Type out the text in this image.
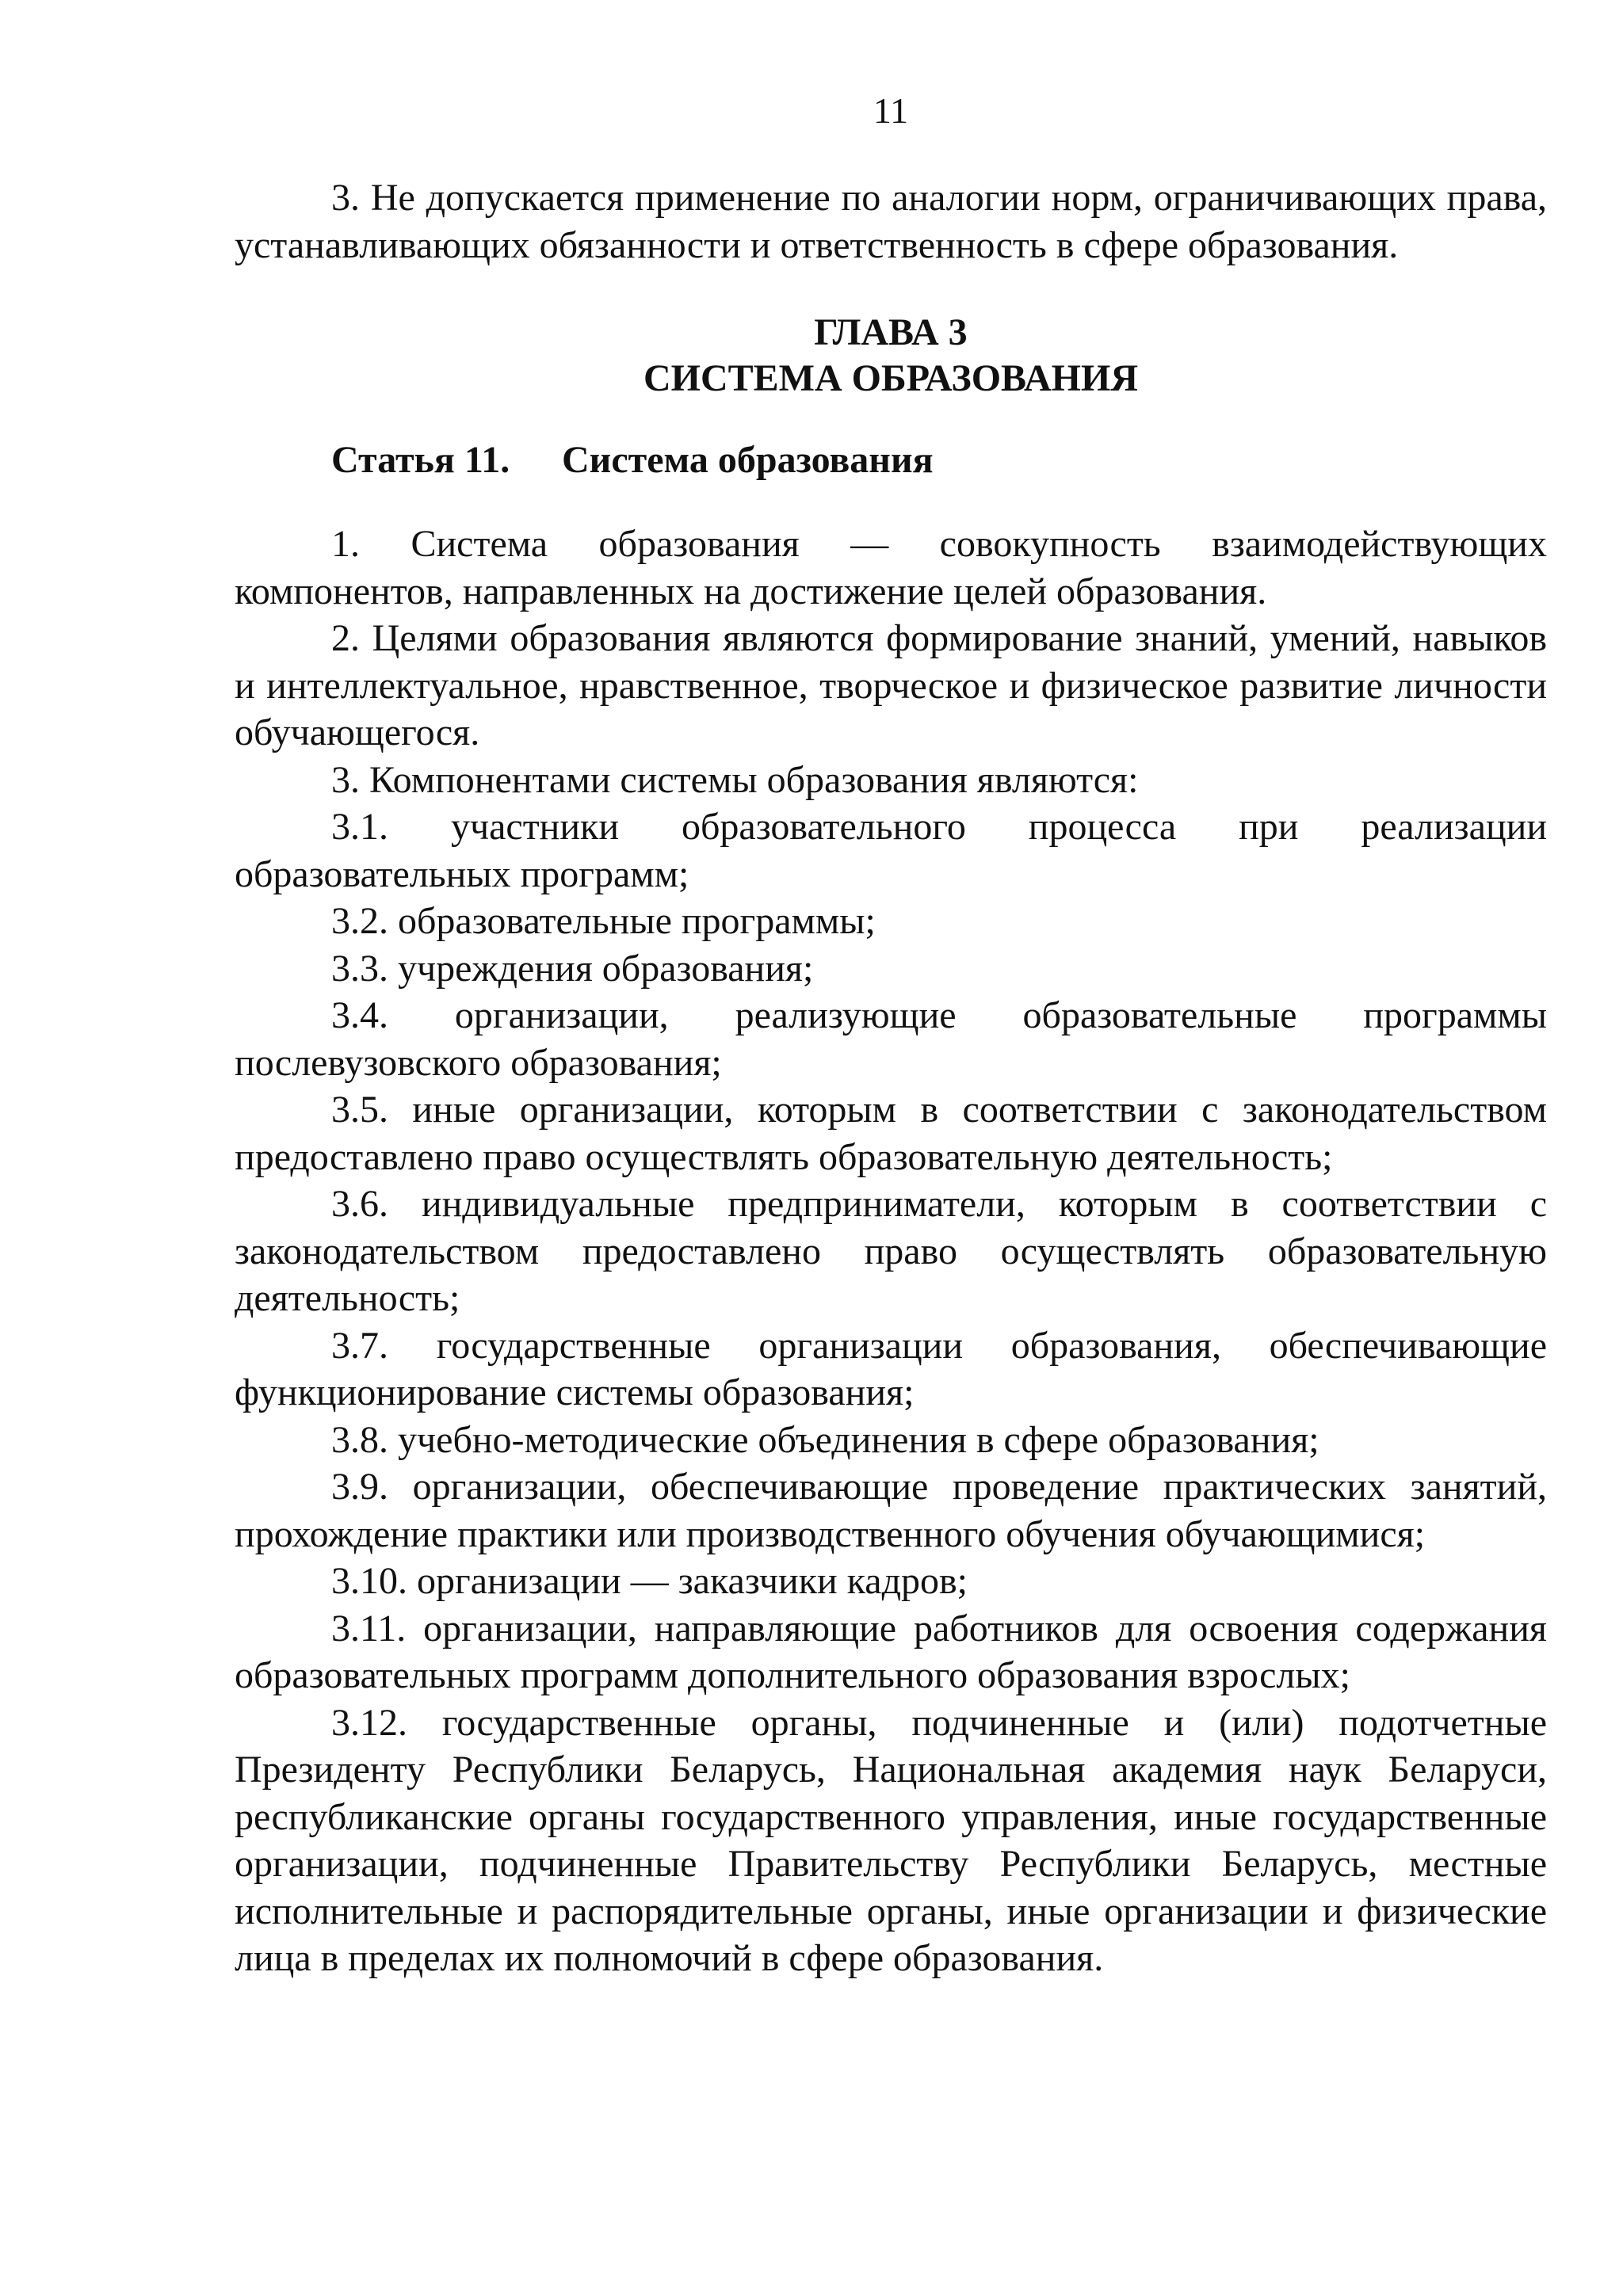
11

3. Не допускается применение по аналогии норм, ограничивающих права, устанавливающих обязанности и ответственность в сфере образования.

ГЛАВА 3
СИСТЕМА ОБРАЗОВАНИЯ
Статья 11.	Система образования

1. Система образования — совокупность взаимодействующих компонентов, направленных на достижение целей образования.

2. Целями образования являются формирование знаний, умений, навыков и интеллектуальное, нравственное, творческое и физическое развитие личности обучающегося.

3. Компонентами системы образования являются:

3.1. участники образовательного процесса при реализации образовательных программ;

3.2. образовательные программы;

3.3. учреждения образования;

3.4. организации, реализующие образовательные программы послевузовского образования;

3.5. иные организации, которым в соответствии с законодательством предоставлено право осуществлять образовательную деятельность;

3.6. индивидуальные предприниматели, которым в соответствии с законодательством предоставлено право осуществлять образовательную деятельность;

3.7. государственные организации образования, обеспечивающие функционирование системы образования;

3.8. учебно-методические объединения в сфере образования;

3.9. организации, обеспечивающие проведение практических занятий, прохождение практики или производственного обучения обучающимися;

3.10. организации — заказчики кадров;

3.11. организации, направляющие работников для освоения содержания образовательных программ дополнительного образования взрослых;

3.12. государственные органы, подчиненные и (или) подотчетные Президенту Республики Беларусь, Национальная академия наук Беларуси, республиканские органы государственного управления, иные государственные организации, подчиненные Правительству Республики Беларусь, местные исполнительные и распорядительные органы, иные организации и физические лица в пределах их полномочий в сфере образования.
